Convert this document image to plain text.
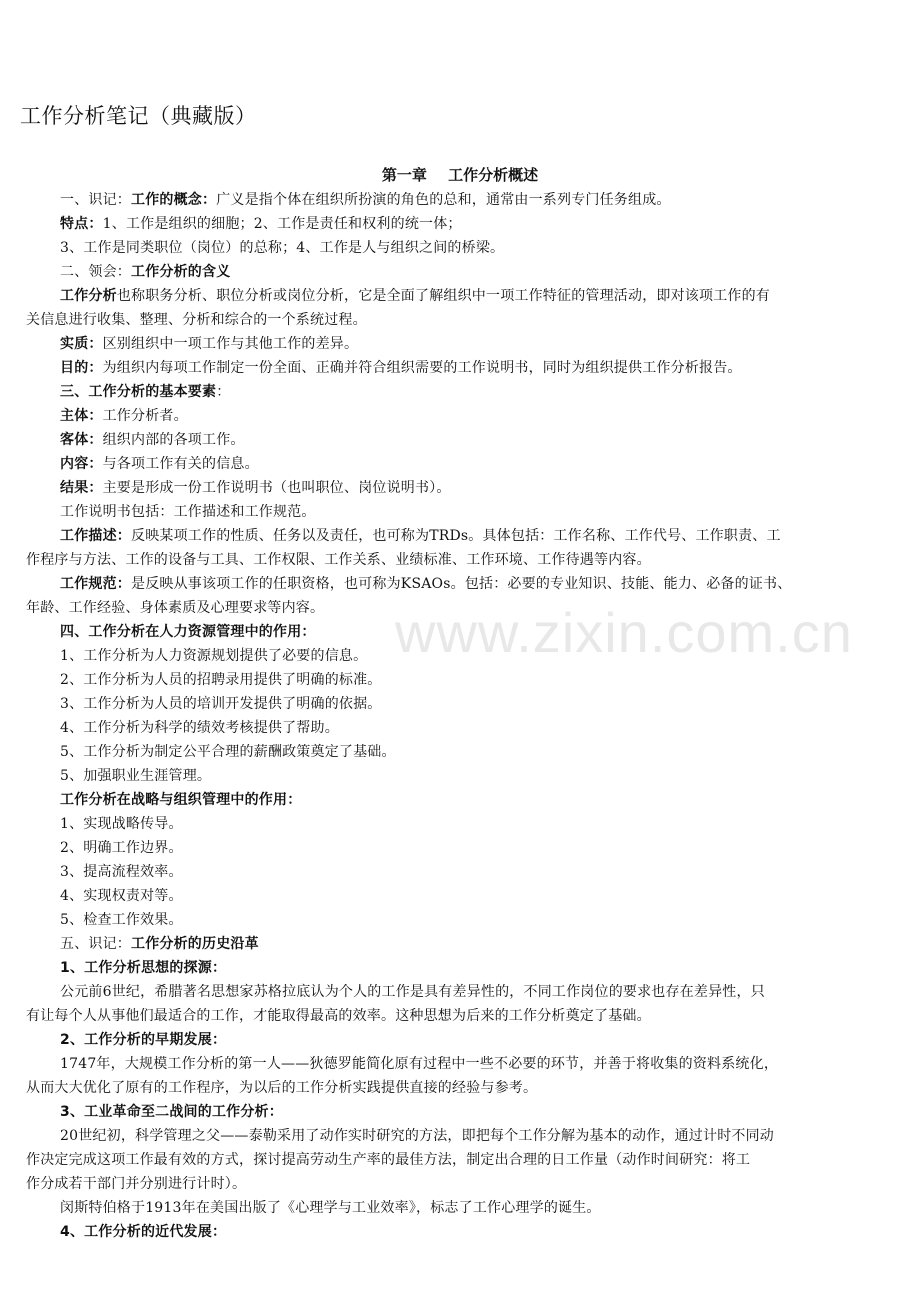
工作分析笔记（典藏版）
第一章 工作分析概述
一、识记：工作的概念：广义是指个体在组织所扮演的角色的总和，通常由一系列专门任务组成。
特点：1、工作是组织的细胞；2、工作是责任和权利的统一体；
3、工作是同类职位（岗位）的总称；4、工作是人与组织之间的桥梁。
二、领会：工作分析的含义
工作分析也称职务分析、职位分析或岗位分析，它是全面了解组织中一项工作特征的管理活动，即对该项工作的有
关信息进行收集、整理、分析和综合的一个系统过程。
实质：区别组织中一项工作与其他工作的差异。
目的：为组织内每项工作制定一份全面、正确并符合组织需要的工作说明书，同时为组织提供工作分析报告。
三、工作分析的基本要素：
主体：工作分析者。
客体：组织内部的各项工作。
内容：与各项工作有关的信息。
结果：主要是形成一份工作说明书（也叫职位、岗位说明书）。
工作说明书包括：工作描述和工作规范。
工作描述：反映某项工作的性质、任务以及责任，也可称为TRDs。具体包括：工作名称、工作代号、工作职责、工
作程序与方法、工作的设备与工具、工作权限、工作关系、业绩标准、工作环境、工作待遇等内容。
工作规范：是反映从事该项工作的任职资格，也可称为KSAOs。包括：必要的专业知识、技能、能力、必备的证书、
年龄、工作经验、身体素质及心理要求等内容。
四、工作分析在人力资源管理中的作用：
1、工作分析为人力资源规划提供了必要的信息。
2、工作分析为人员的招聘录用提供了明确的标准。
3、工作分析为人员的培训开发提供了明确的依据。
4、工作分析为科学的绩效考核提供了帮助。
5、工作分析为制定公平合理的薪酬政策奠定了基础。
5、加强职业生涯管理。
工作分析在战略与组织管理中的作用：
1、实现战略传导。
2、明确工作边界。
3、提高流程效率。
4、实现权责对等。
5、检查工作效果。
五、识记：工作分析的历史沿革
1、工作分析思想的探源：
公元前6世纪，希腊著名思想家苏格拉底认为个人的工作是具有差异性的，不同工作岗位的要求也存在差异性，只
有让每个人从事他们最适合的工作，才能取得最高的效率。这种思想为后来的工作分析奠定了基础。
2、工作分析的早期发展：
1747年，大规模工作分析的第一人——狄德罗能简化原有过程中一些不必要的环节，并善于将收集的资料系统化，
从而大大优化了原有的工作程序，为以后的工作分析实践提供直接的经验与参考。
3、工业革命至二战间的工作分析：
20世纪初，科学管理之父——泰勒采用了动作实时研究的方法，即把每个工作分解为基本的动作，通过计时不同动
作决定完成这项工作最有效的方式，探讨提高劳动生产率的最佳方法，制定出合理的日工作量（动作时间研究：将工
作分成若干部门并分别进行计时）。
闵斯特伯格于1913年在美国出版了《心理学与工业效率》，标志了工作心理学的诞生。
4、工作分析的近代发展：
www.zixin.com.cn
